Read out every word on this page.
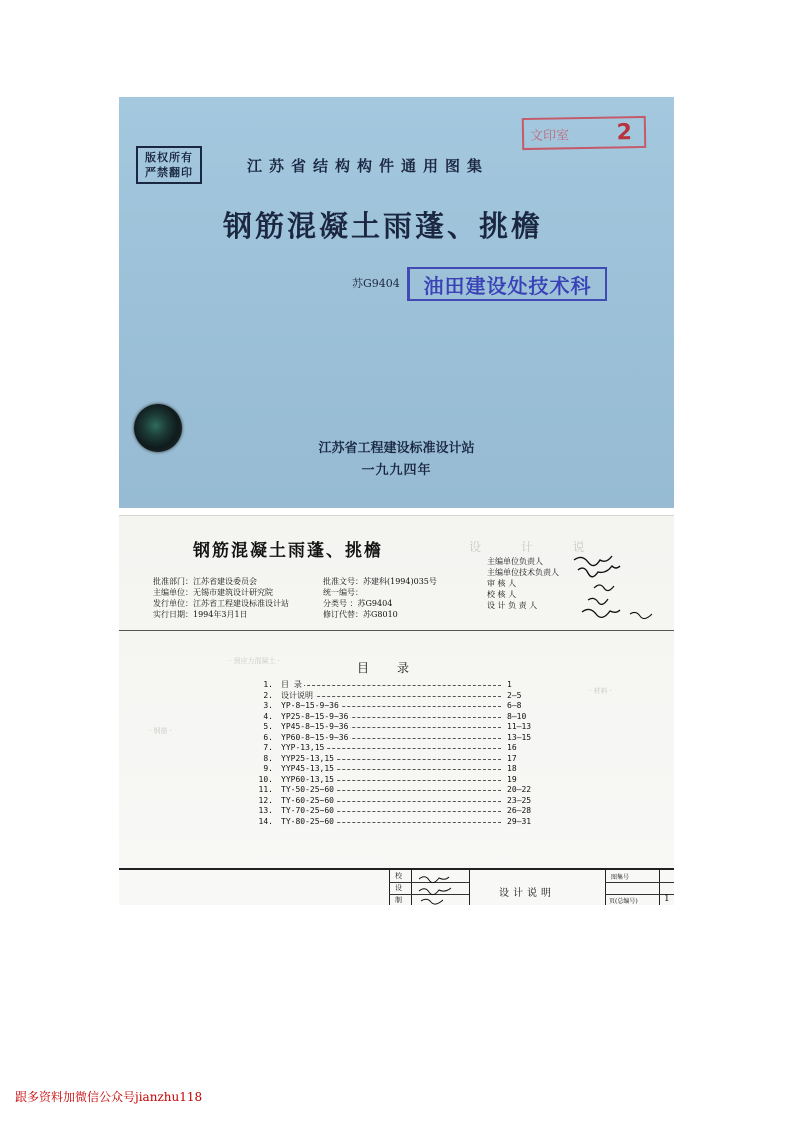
版权所有
严禁翻印	江苏省结构构件通用图集
钢筋混凝土雨蓬、挑檐
文印室 2
苏G9404	油田建设处技术科
江苏省工程建设标准设计站
一九九四年
设 计 说
钢筋混凝土雨蓬、挑檐
批准部门：江苏省建设委员会
主编单位：无锡市建筑设计研究院
发行单位：江苏省工程建设标准设计站
实行日期：1994年3月1日
批准文号：苏建科(1994)035号
统一编号：
分类号 ：苏G9404
修订代替：苏G8010
主编单位负责人
主编单位技术负责人
审 核 人
校 核 人
设 计 负 责 人
· 预应力混凝土 ·
· 钢筋 ·
· 材料 ·
目录
1. 目 录	1
2. 设计说明	2—5
3. YP-8~15-9~36	6—8
4. YP25-8~15-9~36	8—10
5. YP45-8~15-9~36	11—13
6. YP60-8~15-9~36	13—15
7. YYP-13,15	16
8. YYP25-13,15	17
9. YYP45-13,15	18
10. YYP60-13,15	19
11. TY-50-25~60	20—22
12. TY-60-25~60	23—25
13. TY-70-25~60	26—28
14. TY-80-25~60	29—31
校
设
制
设计说明
图集号
页(总编号)	1
跟多资料加微信公众号jianzhu118
